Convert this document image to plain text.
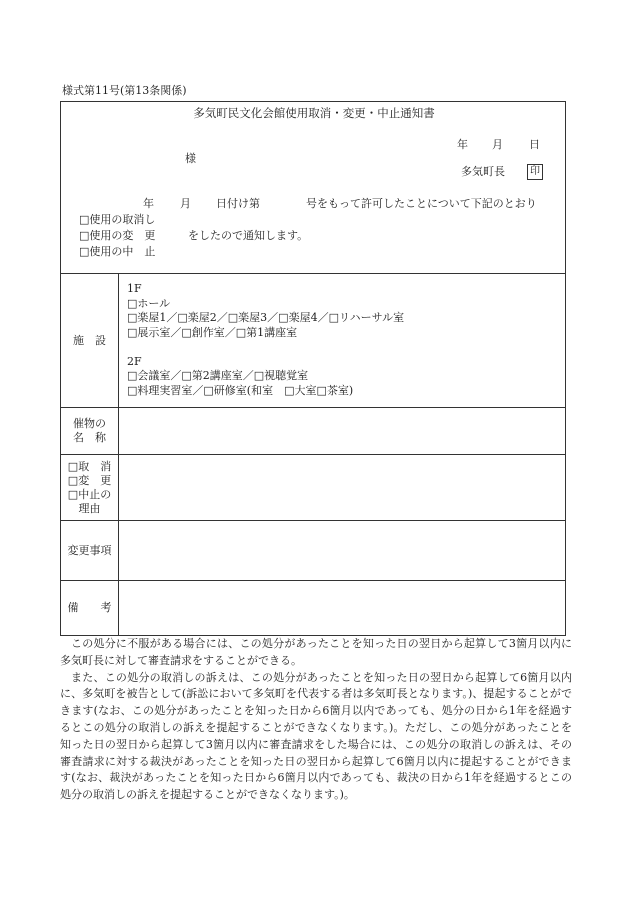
様式第11号(第13条関係)
多気町民文化会館使用取消・変更・中止通知書
年 月 日
様
多気町長	印
年 月 日付け第	号をもって許可したことについて下記のとおり
□使用の取消し
□使用の変　更
□使用の中　止
をしたので通知します。
施　設
1F
□ホール
□楽屋1／□楽屋2／□楽屋3／□楽屋4／□リハーサル室
□展示室／□創作室／□第1講座室
2F
□会議室／□第2講座室／□視聴覚室
□料理実習室／□研修室(和室　□大室□茶室)
催物の
名　称
□取　消
□変　更
□中止の
理由
変更事項
備　　考

この処分に不服がある場合には、この処分があったことを知った日の翌日から起算して3箇月以内に多気町長に対して審査請求をすることができる。

また、この処分の取消しの訴えは、この処分があったことを知った日の翌日から起算して6箇月以内に、多気町を被告として(訴訟において多気町を代表する者は多気町長となります。)、提起することができます(なお、この処分があったことを知った日から6箇月以内であっても、処分の日から1年を経過するとこの処分の取消しの訴えを提起することができなくなります。)。ただし、この処分があったことを知った日の翌日から起算して3箇月以内に審査請求をした場合には、この処分の取消しの訴えは、その審査請求に対する裁決があったことを知った日の翌日から起算して6箇月以内に提起することができます(なお、裁決があったことを知った日から6箇月以内であっても、裁決の日から1年を経過するとこの処分の取消しの訴えを提起することができなくなります。)。
